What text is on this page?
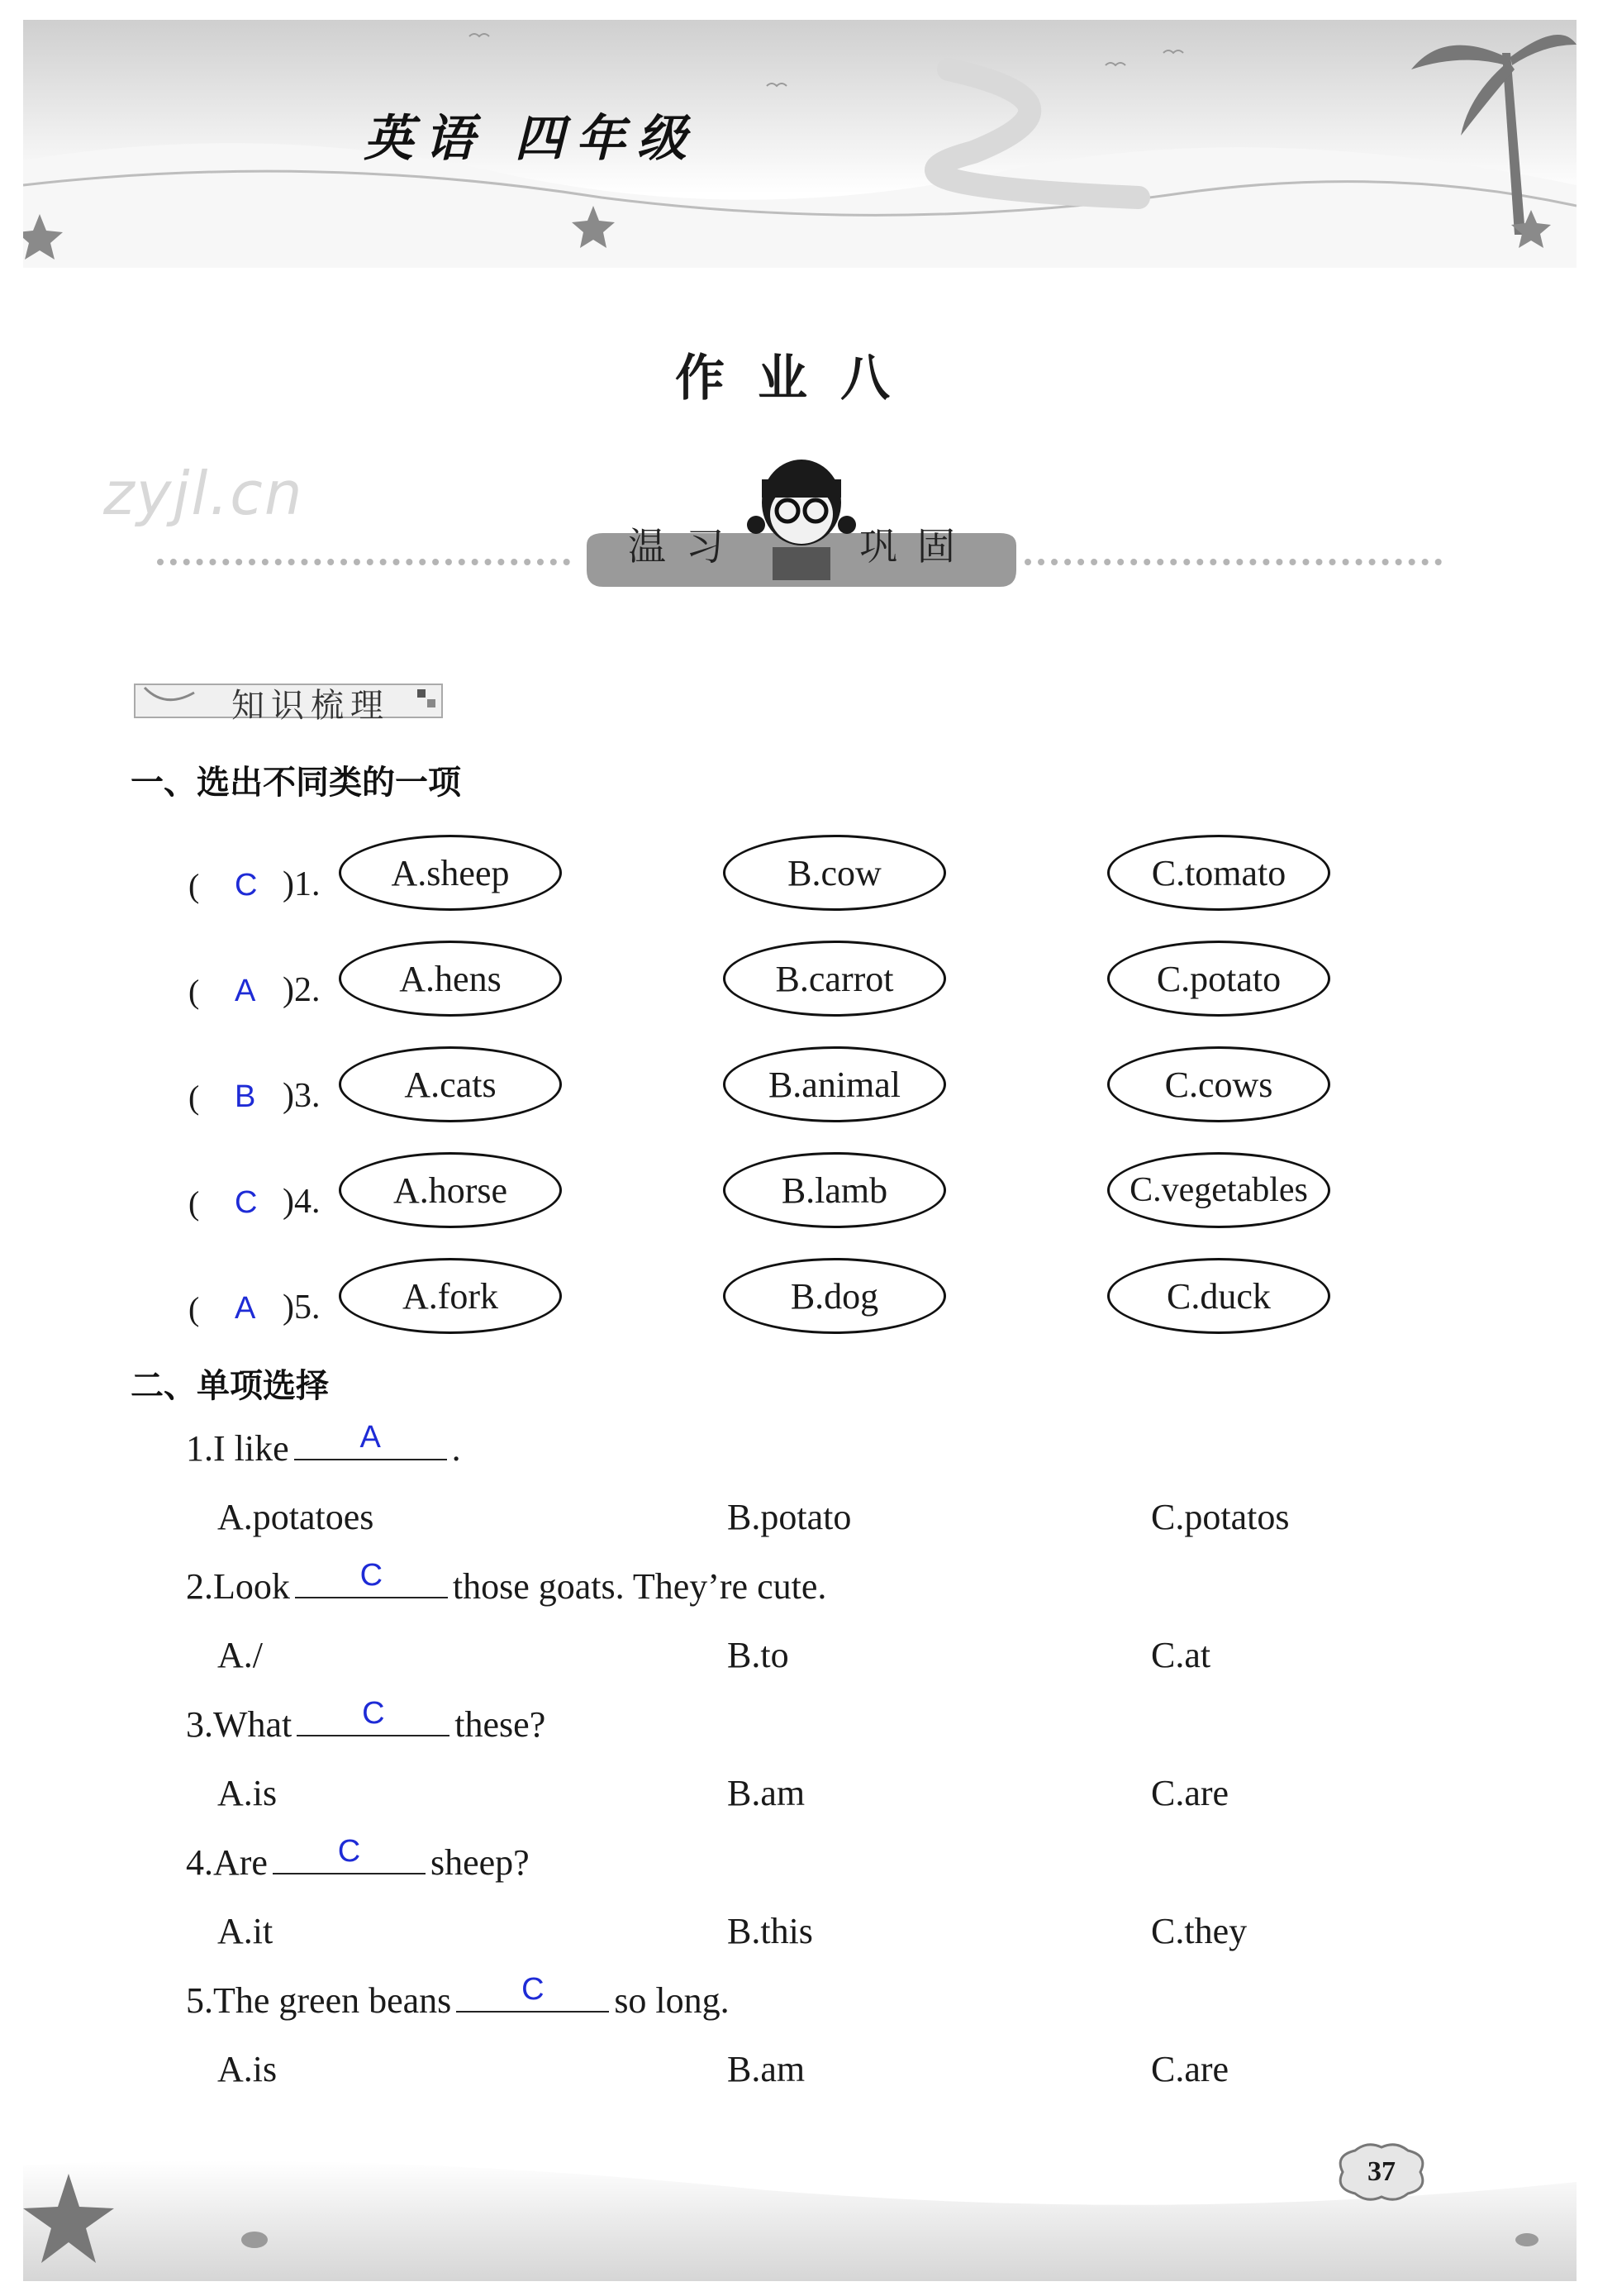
英语 四年级
作业八
zyjl.cn
温 习	巩 固
知识梳理
一、选出不同类的一项
( C )1.	A.sheep	B.cow	C.tomato
( A )2.	A.hens	B.carrot	C.potato
( B )3.	A.cats	B.animal	C.cows
( C )4.	A.horse	B.lamb	C.vegetables
( A )5.	A.fork	B.dog	C.duck
二、单项选择
1.I like	A	.
A.potatoes	B.potato	C.potatos
2.Look	C	those goats. They’re cute.
A./	B.to	C.at
3.What	C	these?
A.is	B.am	C.are
4.Are	C	sheep?
A.it	B.this	C.they
5.The green beans	C	so long.
A.is	B.am	C.are
37
